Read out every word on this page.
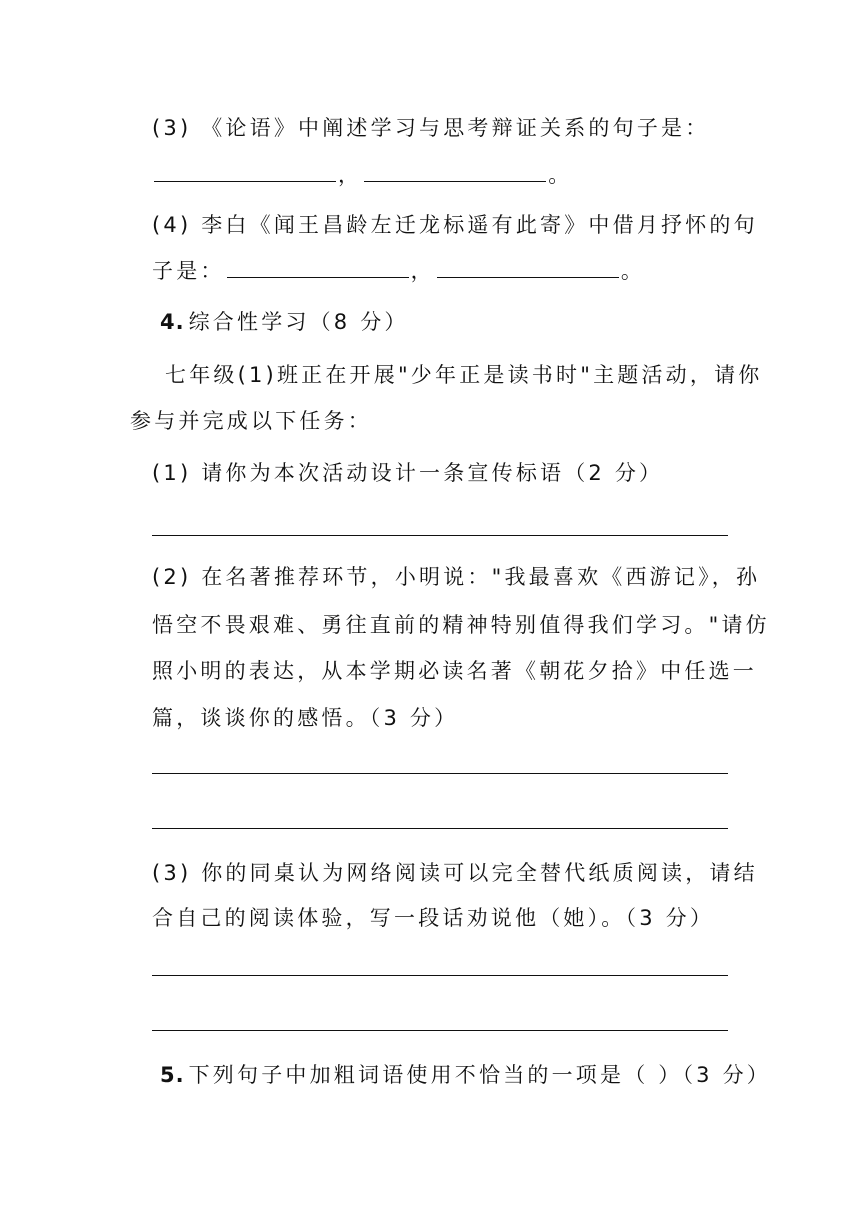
(3) 《论语》中阐述学习与思考辩证关系的句子是：
，	。
(4) 李白《闻王昌龄左迁龙标遥有此寄》中借月抒怀的句
子是：	，	。
4. 综合性学习（8 分）
七年级(1)班正在开展"少年正是读书时"主题活动，请你
参与并完成以下任务：
(1) 请你为本次活动设计一条宣传标语（2 分）
(2) 在名著推荐环节，小明说："我最喜欢《西游记》，孙
悟空不畏艰难、勇往直前的精神特别值得我们学习。"请仿
照小明的表达，从本学期必读名著《朝花夕拾》中任选一
篇，谈谈你的感悟。（3 分）
(3) 你的同桌认为网络阅读可以完全替代纸质阅读，请结
合自己的阅读体验，写一段话劝说他（她）。（3 分）
5. 下列句子中加粗词语使用不恰当的一项是（ ）（3 分）
